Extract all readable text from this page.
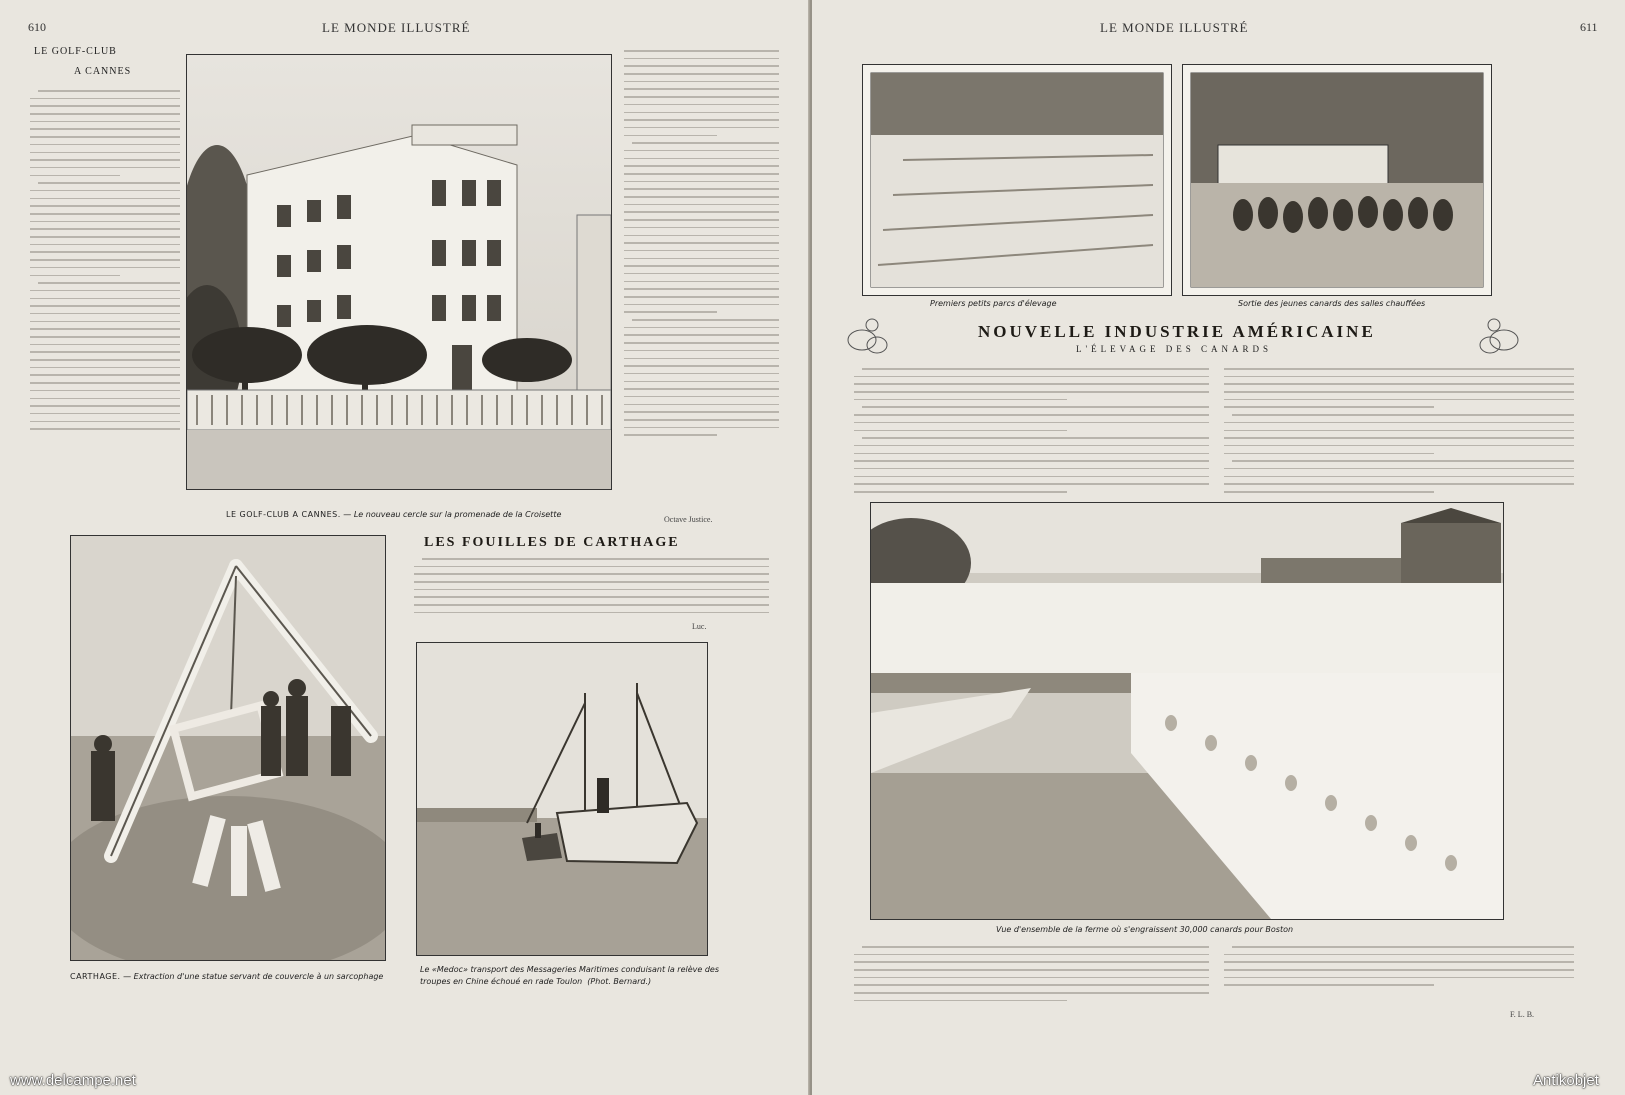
610	LE MONDE ILLUSTRÉ
LE GOLF-CLUB
A CANNES
LE GOLF-CLUB A CANNES. — Le nouveau cercle sur la promenade de la Croisette
Octave Justice.
CARTHAGE. — Extraction d'une statue servant de couvercle à un sarcophage
LES FOUILLES DE CARTHAGE
Luc.
Le «Medoc» transport des Messageries Maritimes conduisant la relève des
troupes en Chine échoué en rade Toulon (Phot. Bernard.)
www.delcampe.net
LE MONDE ILLUSTRÉ	611
Premiers petits parcs d'élevage	Sortie des jeunes canards des salles chauffées
NOUVELLE INDUSTRIE AMÉRICAINE
L'ÉLEVAGE DES CANARDS
Vue d'ensemble de la ferme où s'engraissent 30,000 canards pour Boston
F. L. B.
Antikobjet
